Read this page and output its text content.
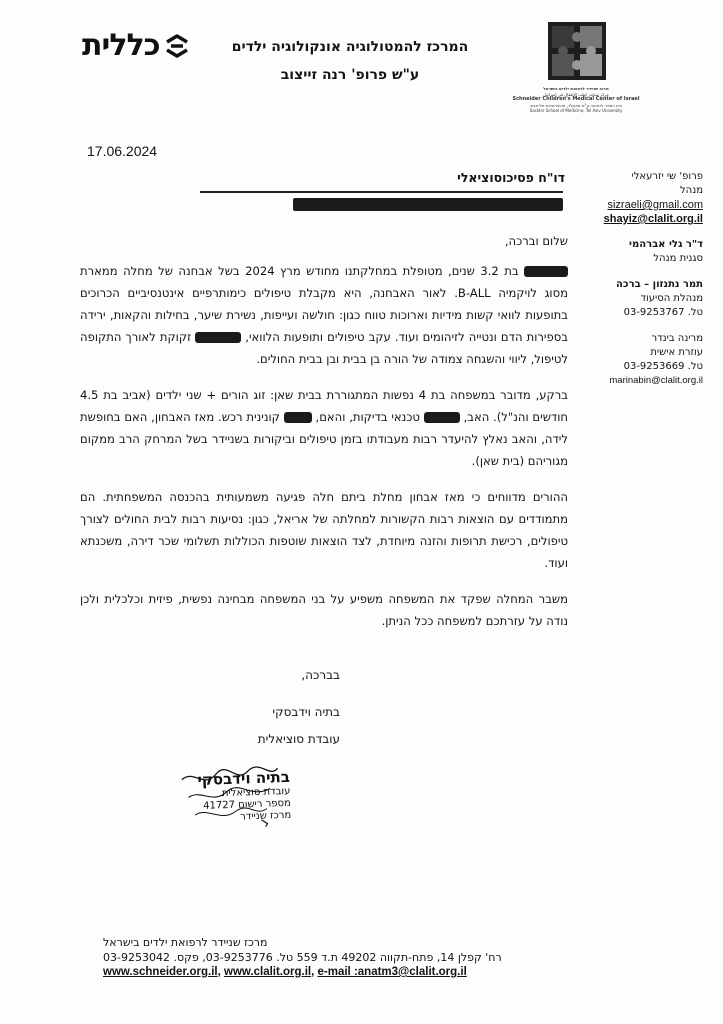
כללית	המרכז להמטולוגיה אונקולוגיה ילדים
ע"ש פרופ' רנה זייצוב
מרכז שניידר לרפואת ילדים בישראל
مركز شنايدر لطب الأطفال في اسرائيل
Schneider Children's Medical Center of Israel
בית הספר לרפואה ע"ש סאקלר, אוניברסיטת תל-אביב
Sackler School of Medicine, Tel Aviv University
17.06.2024
פרופ' שי יזרעאלי
מנהל
sizraeli@gmail.com
shayiz@clalit.org.il
ד"ר גלי אברהמי
סגנית מנהל
תמר נתנזון – ברכה
מנהלת הסיעוד
טל. 03-9253767
מרינה בינדר
עוזרת אישית
טל. 03-9253669
marinabin@clalit.org.il
דו"ח פסיכוסוציאלי

שלום וברכה,

בת 3.2 שנים, מטופלת במחלקתנו מחודש מרץ 2024 בשל אבחנה של מחלה ממארת מסוג לויקמיה B-ALL. לאור האבחנה, היא מקבלת טיפולים כימותרפיים אינטנסיביים הכרוכים בתופעות לוואי קשות מידיות וארוכות טווח כגון: חולשה ועייפות, נשירת שיער, בחילות והקאות, ירידה בספירות הדם ונטייה לזיהומים ועוד. עקב טיפולים ותופעות הלוואי,  זקוקת לאורך התקופה לטיפול, ליווי והשגחה צמודה של הורה בן בבית ובן בבית החולים.

ברקע, מדובר במשפחה בת 4 נפשות המתגוררת בבית שאן: זוג הורים + שני ילדים (אביב בת 4.5 חודשים והנ"ל). האב,  טכנאי בדיקות, והאם,  קונינית רכש. מאז האבחון, האם בחופשת לידה, והאב נאלץ להיעדר רבות מעבודתו בזמן טיפולים וביקורות בשניידר בשל המרחק הרב ממקום מגוריהם (בית שאן).

ההורים מדווחים כי מאז אבחון מחלת ביתם חלה פגיעה משמעותית בהכנסה המשפחתית. הם מתמודדים עם הוצאות רבות הקשורות למחלתה של אריאל, כגון: נסיעות רבות לבית החולים לצורך טיפולים, רכישת תרופות והזנה מיוחדת, לצד הוצאות שוטפות הכוללות תשלומי שכר דירה, משכנתא ועוד.

משבר המחלה שפקד את המשפחה משפיע על בני המשפחה מבחינה נפשית, פיזית וכלכלית ולכן נודה על עזרתכם למשפחה ככל הניתן.

בברכה,
בתיה וידבסקי
עובדת סוציאלית
בתיה וידבסקי
עובדת סוציאלית
מספר רישום 41727
מרכז שניידר
מרכז שניידר לרפואת ילדים בישראל
רח' קפלן 14, פתח-תקווה 49202 ת.ד 559 טל. 03-9253776, פקס. 03-9253042
www.schneider.org.il, www.clalit.org.il, e-mail :anatm3@clalit.org.il
